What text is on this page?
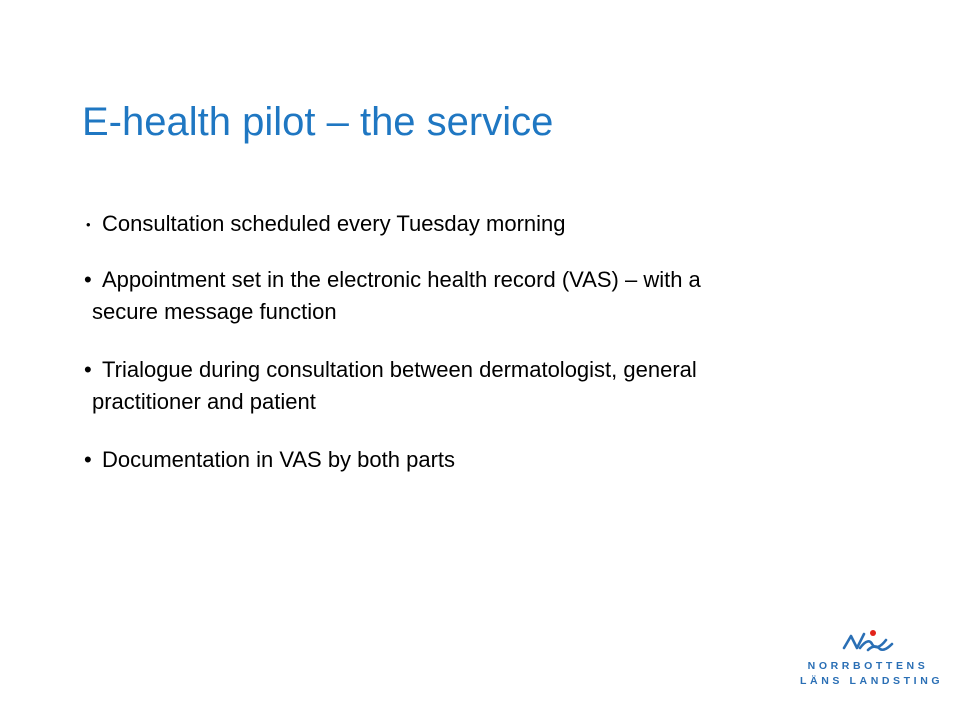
E-health pilot – the service
• Consultation scheduled every Tuesday morning
• Appointment set in the electronic health record (VAS) – with a
secure message function
• Trialogue during consultation between dermatologist, general
practitioner and patient
• Documentation in VAS by both parts
NORRBOTTENS
LÄNS LANDSTING
